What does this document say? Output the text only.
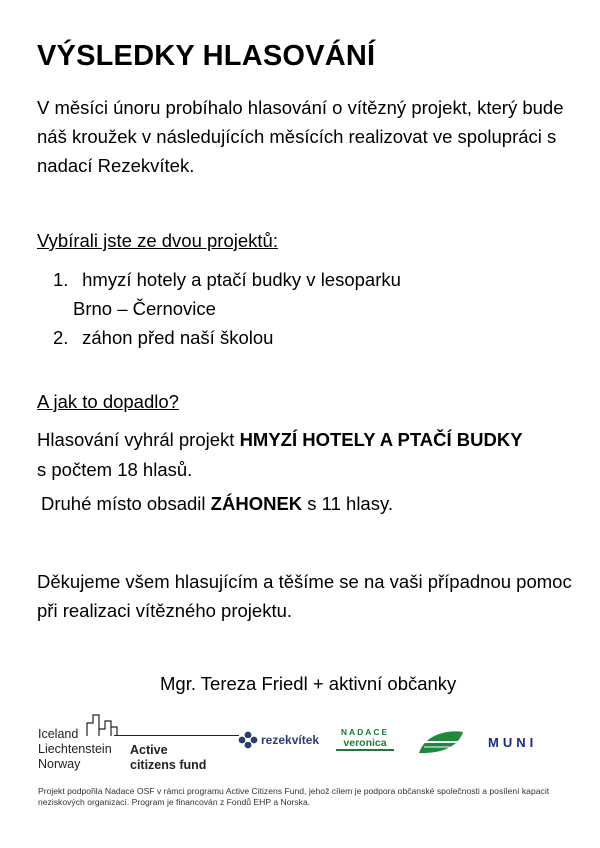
VÝSLEDKY HLASOVÁNÍ

V měsíci únoru probíhalo hlasování o vítězný projekt, který bude náš kroužek v následujících měsících realizovat ve spolupráci s nadací Rezekvítek.

Vybírali jste ze dvou projektů:

1. hmyzí hotely a ptačí budky v lesoparku
Brno – Černovice
2. záhon před naší školou

A jak to dopadlo?

Hlasování vyhrál projekt HMYZÍ HOTELY A PTAČÍ BUDKY
s počtem 18 hlasů.

Druhé místo obsadil ZÁHONEK s 11 hlasy.

Děkujeme všem hlasujícím a těšíme se na vaši případnou pomoc při realizaci vítězného projektu.

Mgr. Tereza Friedl + aktivní občanky

Iceland
Liechtenstein
Norway
Active
citizens fund
rezekvítek
NADACE
veronica	MUNI

Projekt podpořila Nadace OSF v rámci programu Active Citizens Fund, jehož cílem je podpora občanské společnosti a posílení kapacit neziskových organizací. Program je financován z Fondů EHP a Norska.
